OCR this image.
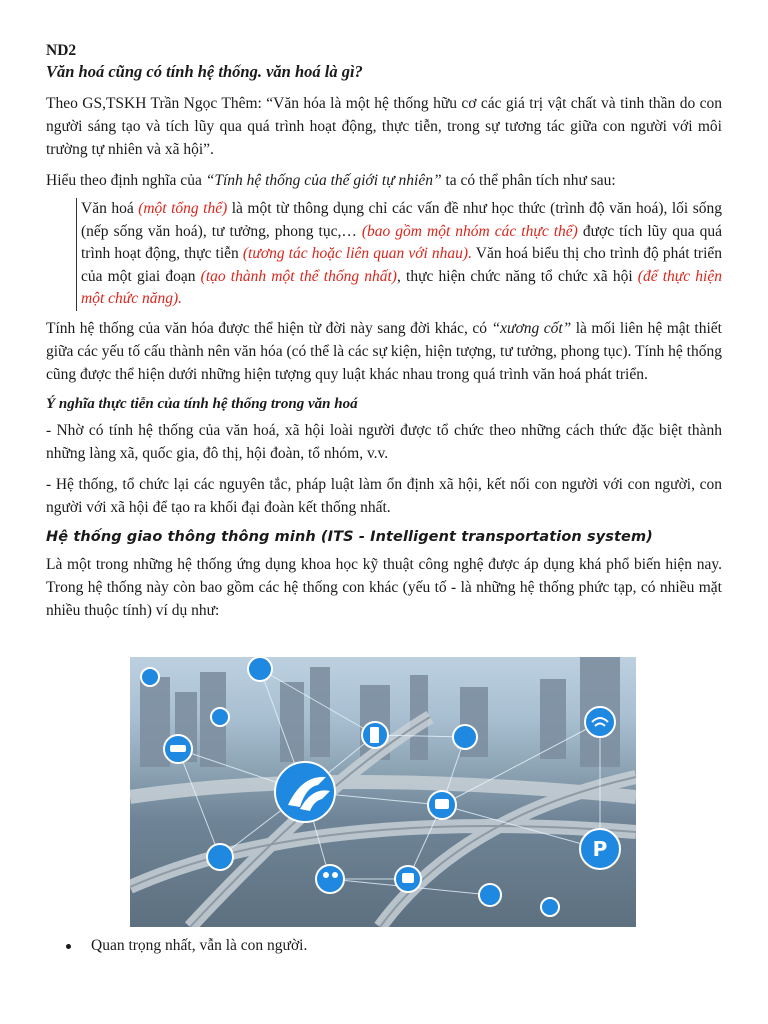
ND2
Văn hoá cũng có tính hệ thống. văn hoá là gì?

Theo GS,TSKH Trần Ngọc Thêm: “Văn hóa là một hệ thống hữu cơ các giá trị vật chất và tinh thần do con người sáng tạo và tích lũy qua quá trình hoạt động, thực tiễn, trong sự tương tác giữa con người với môi trường tự nhiên và xã hội”.

Hiểu theo định nghĩa của “Tính hệ thống của thế giới tự nhiên” ta có thể phân tích như sau:

Văn hoá (một tổng thể) là một từ thông dụng chỉ các vấn đề như học thức (trình độ văn hoá), lối sống (nếp sống văn hoá), tư tưởng, phong tục,… (bao gồm một nhóm các thực thể) được tích lũy qua quá trình hoạt động, thực tiễn (tương tác hoặc liên quan với nhau). Văn hoá biểu thị cho trình độ phát triển của một giai đoạn (tạo thành một thể thống nhất), thực hiện chức năng tổ chức xã hội (để thực hiện một chức năng).

Tính hệ thống của văn hóa được thể hiện từ đời này sang đời khác, có “xương cốt” là mối liên hệ mật thiết giữa các yếu tố cấu thành nên văn hóa (có thể là các sự kiện, hiện tượng, tư tưởng, phong tục). Tính hệ thống cũng được thể hiện dưới những hiện tượng quy luật khác nhau trong quá trình văn hoá phát triển.

Ý nghĩa thực tiễn của tính hệ thống trong văn hoá

- Nhờ có tính hệ thống của văn hoá, xã hội loài người được tổ chức theo những cách thức đặc biệt thành những làng xã, quốc gia, đô thị, hội đoàn, tổ nhóm, v.v.

- Hệ thống, tổ chức lại các nguyên tắc, pháp luật làm ổn định xã hội, kết nối con người với con người, con người với xã hội để tạo ra khối đại đoàn kết thống nhất.

Hệ thống giao thông thông minh (ITS - Intelligent transportation system)

Là một trong những hệ thống ứng dụng khoa học kỹ thuật công nghệ được áp dụng khá phổ biến hiện nay. Trong hệ thống này còn bao gồm các hệ thống con khác (yếu tố - là những hệ thống phức tạp, có nhiều mặt nhiều thuộc tính) ví dụ như:

P
Quan trọng nhất, vẫn là con người.
